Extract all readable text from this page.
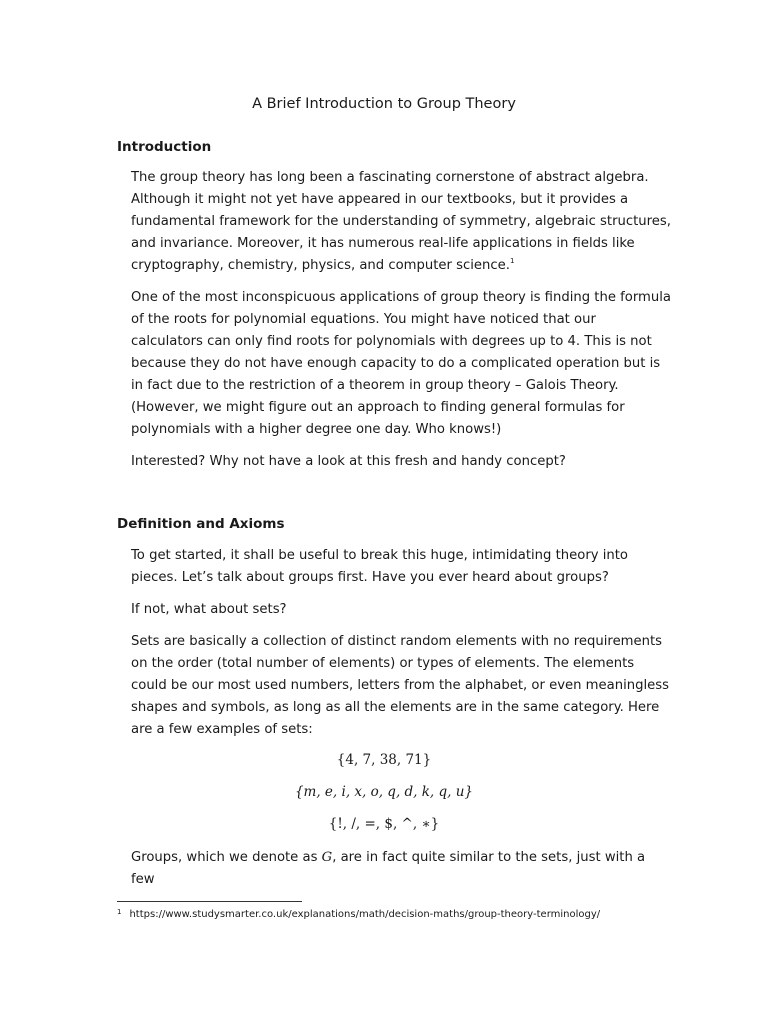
A Brief Introduction to Group Theory
Introduction
The group theory has long been a fascinating cornerstone of abstract algebra. Although it might not yet have appeared in our textbooks, but it provides a fundamental framework for the understanding of symmetry, algebraic structures, and invariance. Moreover, it has numerous real-life applications in fields like cryptography, chemistry, physics, and computer science.$^1$
One of the most inconspicuous applications of group theory is finding the formula of the roots for polynomial equations. You might have noticed that our calculators can only find roots for polynomials with degrees up to 4. This is not because they do not have enough capacity to do a complicated operation but is in fact due to the restriction of a theorem in group theory – Galois Theory. (However, we might figure out an approach to finding general formulas for polynomials with a higher degree one day. Who knows!)
Interested? Why not have a look at this fresh and handy concept?
Definition and Axioms
To get started, it shall be useful to break this huge, intimidating theory into pieces. Let’s talk about groups first. Have you ever heard about groups?
If not, what about sets?
Sets are basically a collection of distinct random elements with no requirements on the order (total number of elements) or types of elements. The elements could be our most used numbers, letters from the alphabet, or even meaningless shapes and symbols, as long as all the elements are in the same category. Here are a few examples of sets:
{4, 7, 38, 71}
{m, e, i, x, o, q, d, k, q, u}
{!, /, =, $, ^, ∗}
Groups, which we denote as G, are in fact quite similar to the sets, just with a few
$^1$ https://www.studysmarter.co.uk/explanations/math/decision-maths/group-theory-terminology/
